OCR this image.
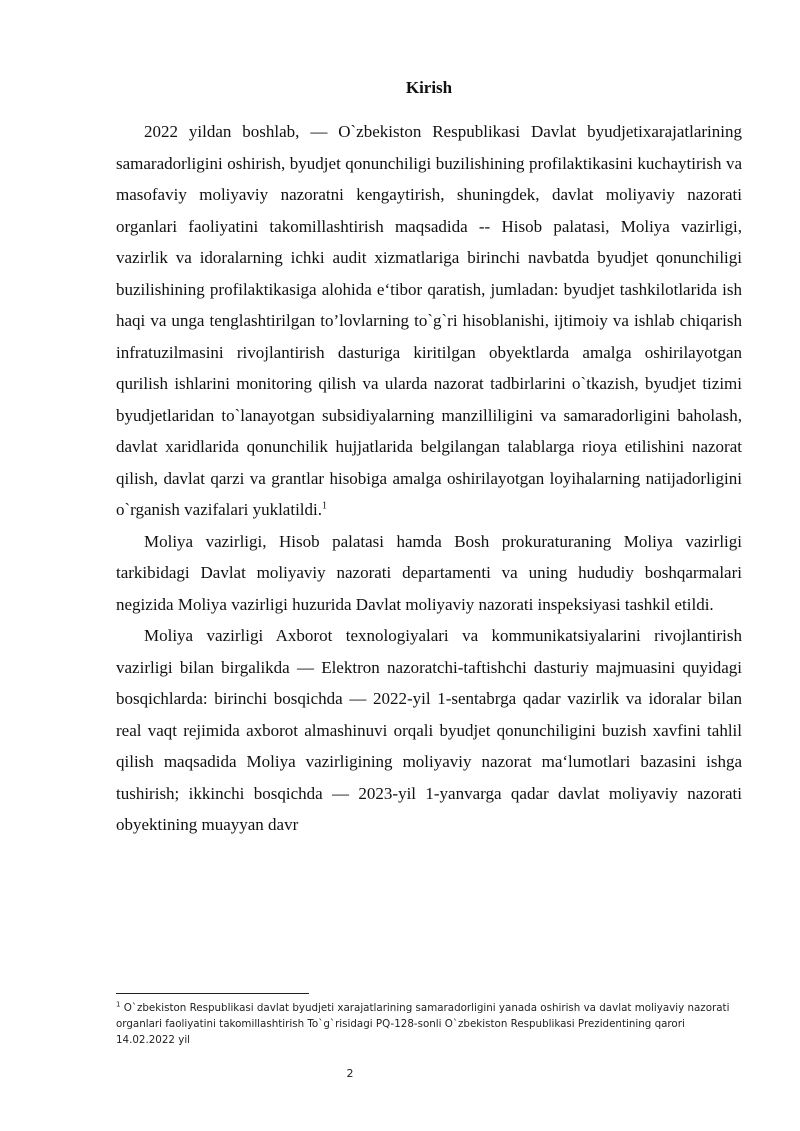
Kirish

2022 yildan boshlab, — O`zbekiston Respublikasi Davlat byudjetixarajatlarining samaradorligini oshirish, byudjet qonunchiligi buzilishining profilaktikasini kuchaytirish va masofaviy moliyaviy nazoratni kengaytirish, shuningdek, davlat moliyaviy nazorati organlari faoliyatini takomillashtirish maqsadida -- Hisob palatasi, Moliya vazirligi, vazirlik va idoralarning ichki audit xizmatlariga birinchi navbatda byudjet qonunchiligi buzilishining profilaktikasiga alohida e‘tibor qaratish, jumladan: byudjet tashkilotlarida ish haqi va unga tenglashtirilgan to’lovlarning to`g`ri hisoblanishi, ijtimoiy va ishlab chiqarish infratuzilmasini rivojlantirish dasturiga kiritilgan obyektlarda amalga oshirilayotgan qurilish ishlarini monitoring qilish va ularda nazorat tadbirlarini o`tkazish, byudjet tizimi byudjetlaridan to`lanayotgan subsidiyalarning manzilliligini va samaradorligini baholash, davlat xaridlarida qonunchilik hujjatlarida belgilangan talablarga rioya etilishini nazorat qilish, davlat qarzi va grantlar hisobiga amalga oshirilayotgan loyihalarning natijadorligini o`rganish vazifalari yuklatildi.$^1$

Moliya vazirligi, Hisob palatasi hamda Bosh prokuraturaning Moliya vazirligi tarkibidagi Davlat moliyaviy nazorati departamenti va uning hududiy boshqarmalari negizida Moliya vazirligi huzurida Davlat moliyaviy nazorati inspeksiyasi tashkil etildi.

Moliya vazirligi Axborot texnologiyalari va kommunikatsiyalarini rivojlantirish vazirligi bilan birgalikda — Elektron nazoratchi-taftishchi dasturiy majmuasini quyidagi bosqichlarda: birinchi bosqichda — 2022-yil 1-sentabrga qadar vazirlik va idoralar bilan real vaqt rejimida axborot almashinuvi orqali byudjet qonunchiligini buzish xavfini tahlil qilish maqsadida Moliya vazirligining moliyaviy nazorat ma‘lumotlari bazasini ishga tushirish; ikkinchi bosqichda — 2023-yil 1-yanvarga qadar davlat moliyaviy nazorati obyektining muayyan davr

$^1$ O`zbekiston Respublikasi davlat byudjeti xarajatlarining samaradorligini yanada oshirish va davlat moliyaviy nazorati organlari faoliyatini takomillashtirish To`g`risidagi PQ-128-sonli O`zbekiston Respublikasi Prezidentining qarori 14.02.2022 yil
2
